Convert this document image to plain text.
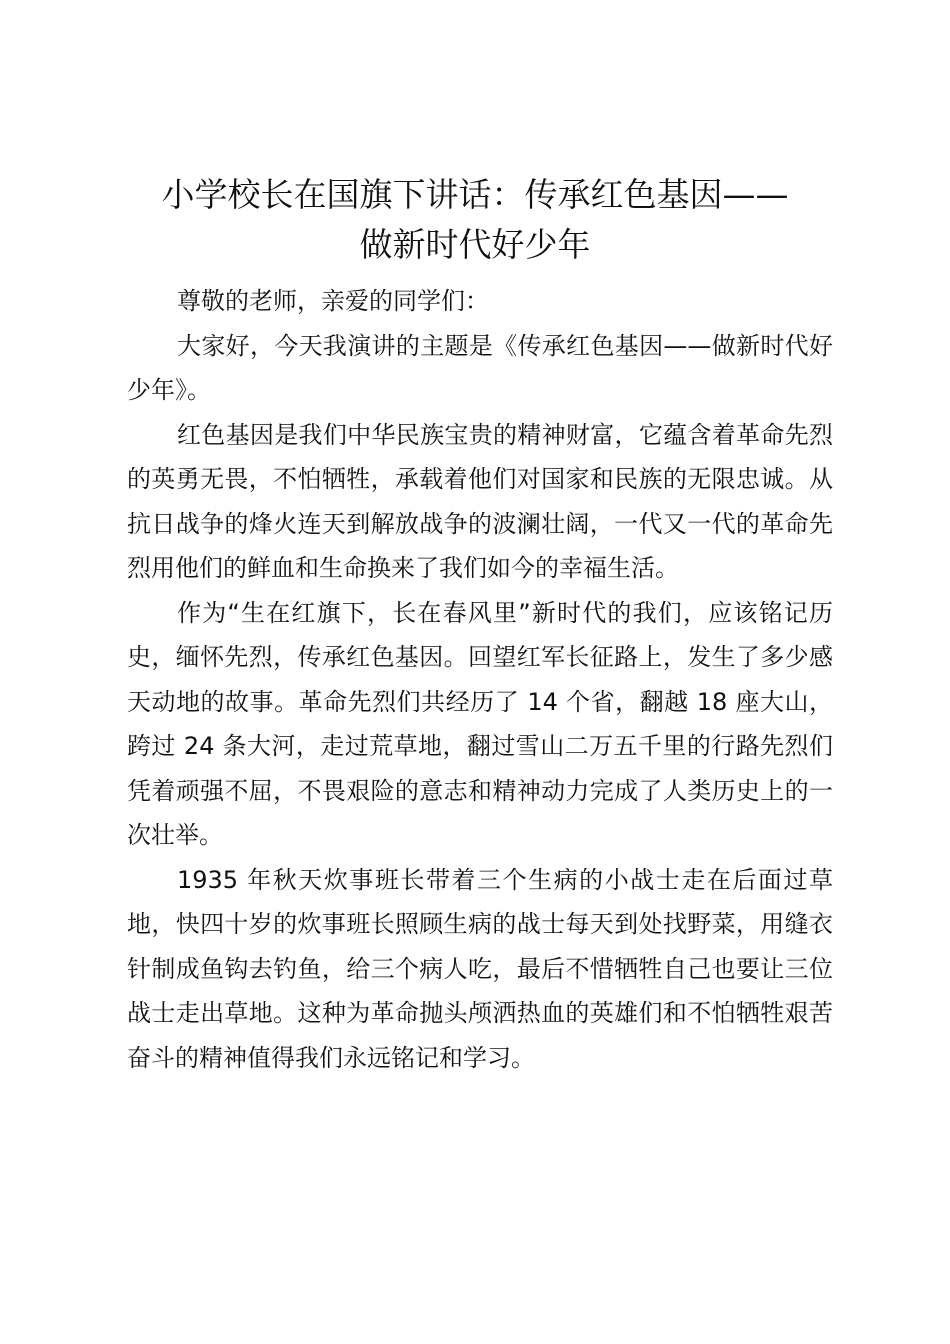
小学校长在国旗下讲话：传承红色基因——
做新时代好少年

尊敬的老师，亲爱的同学们：

大家好，今天我演讲的主题是《传承红色基因——做新时代好少年》。

红色基因是我们中华民族宝贵的精神财富，它蕴含着革命先烈的英勇无畏，不怕牺牲，承载着他们对国家和民族的无限忠诚。从抗日战争的烽火连天到解放战争的波澜壮阔，一代又一代的革命先烈用他们的鲜血和生命换来了我们如今的幸福生活。

作为“生在红旗下，长在春风里”新时代的我们，应该铭记历史，缅怀先烈，传承红色基因。回望红军长征路上，发生了多少感天动地的故事。革命先烈们共经历了 14 个省，翻越 18 座大山，跨过 24 条大河，走过荒草地，翻过雪山二万五千里的行路先烈们凭着顽强不屈，不畏艰险的意志和精神动力完成了人类历史上的一次壮举。

1935 年秋天炊事班长带着三个生病的小战士走在后面过草地，快四十岁的炊事班长照顾生病的战士每天到处找野菜，用缝衣针制成鱼钩去钓鱼，给三个病人吃，最后不惜牺牲自己也要让三位战士走出草地。这种为革命抛头颅洒热血的英雄们和不怕牺牲艰苦奋斗的精神值得我们永远铭记和学习。
